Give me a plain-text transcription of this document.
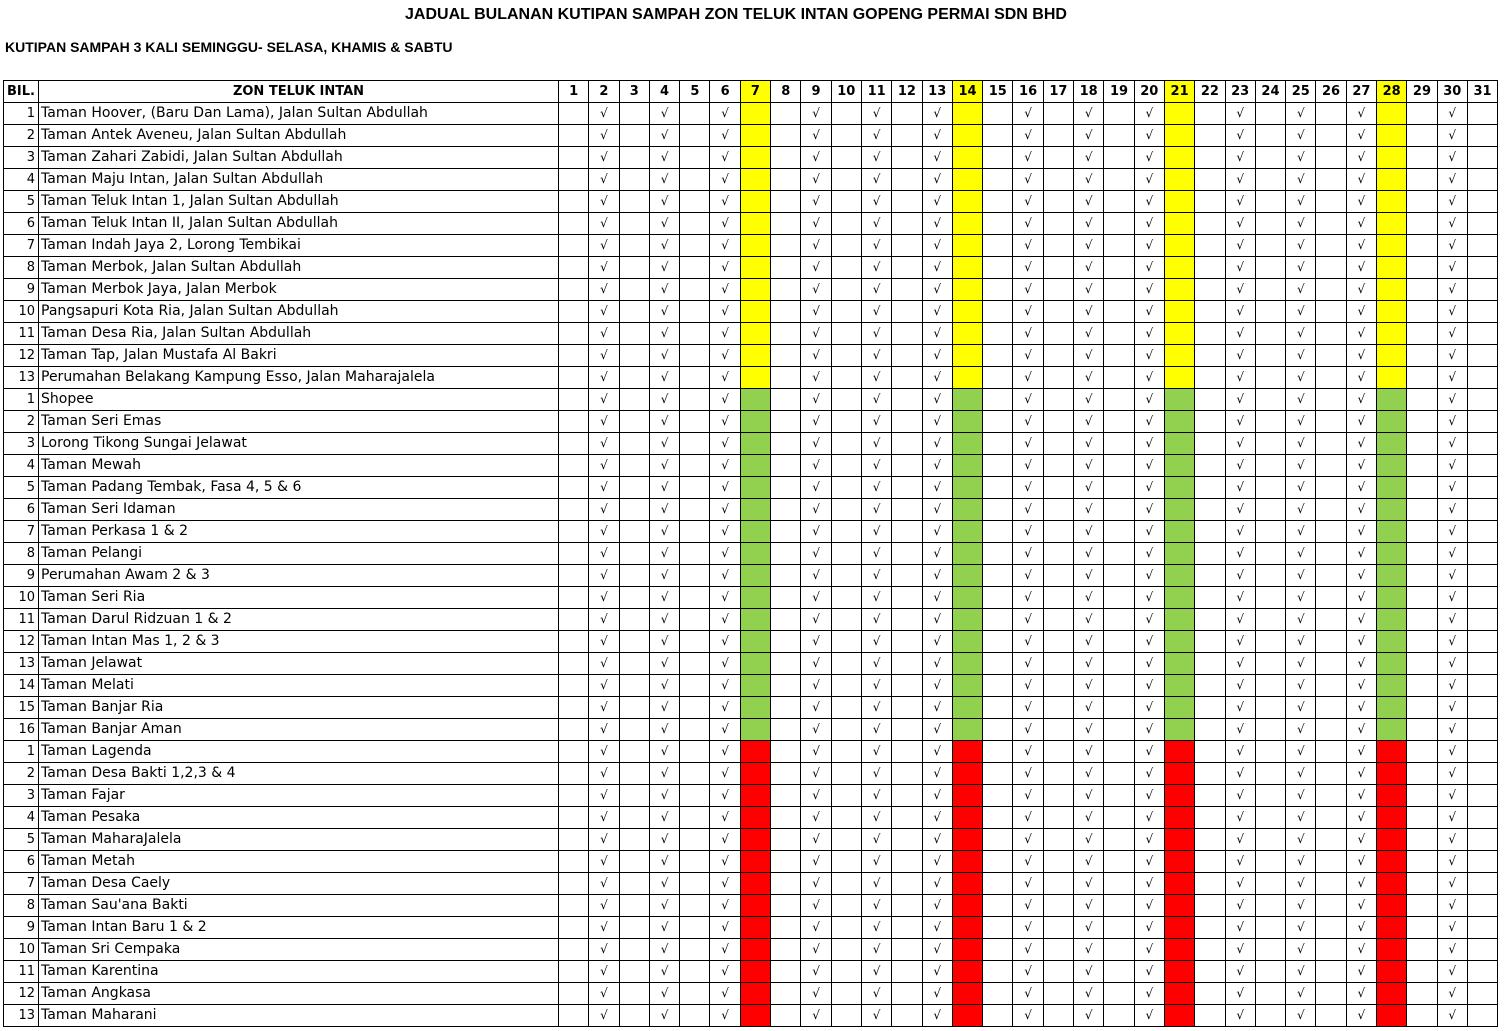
JADUAL BULANAN KUTIPAN SAMPAH ZON TELUK INTAN GOPENG PERMAI SDN BHD
KUTIPAN SAMPAH 3 KALI SEMINGGU- SELASA, KHAMIS & SABTU
BIL.	ZON TELUK INTAN	1	2	3	4	5	6	7	8	9	10	11	12	13	14	15	16	17	18	19	20	21	22	23	24	25	26	27	28	29	30	31
1	Taman Hoover, (Baru Dan Lama), Jalan Sultan Abdullah		√		√		√			√		√		√			√		√		√			√		√		√			√	
2	Taman Antek Aveneu, Jalan Sultan Abdullah		√		√		√			√		√		√			√		√		√			√		√		√			√	
3	Taman Zahari Zabidi, Jalan Sultan Abdullah		√		√		√			√		√		√			√		√		√			√		√		√			√	
4	Taman Maju Intan, Jalan Sultan Abdullah		√		√		√			√		√		√			√		√		√			√		√		√			√	
5	Taman Teluk Intan 1, Jalan Sultan Abdullah		√		√		√			√		√		√			√		√		√			√		√		√			√	
6	Taman Teluk Intan II, Jalan Sultan Abdullah		√		√		√			√		√		√			√		√		√			√		√		√			√	
7	Taman Indah Jaya 2, Lorong Tembikai		√		√		√			√		√		√			√		√		√			√		√		√			√	
8	Taman Merbok, Jalan Sultan Abdullah		√		√		√			√		√		√			√		√		√			√		√		√			√	
9	Taman Merbok Jaya, Jalan Merbok		√		√		√			√		√		√			√		√		√			√		√		√			√	
10	Pangsapuri Kota Ria, Jalan Sultan Abdullah		√		√		√			√		√		√			√		√		√			√		√		√			√	
11	Taman Desa Ria, Jalan Sultan Abdullah		√		√		√			√		√		√			√		√		√			√		√		√			√	
12	Taman Tap, Jalan Mustafa Al Bakri		√		√		√			√		√		√			√		√		√			√		√		√			√	
13	Perumahan Belakang Kampung Esso, Jalan Maharajalela		√		√		√			√		√		√			√		√		√			√		√		√			√	
1	Shopee		√		√		√			√		√		√			√		√		√			√		√		√			√	
2	Taman Seri Emas		√		√		√			√		√		√			√		√		√			√		√		√			√	
3	Lorong Tikong Sungai Jelawat		√		√		√			√		√		√			√		√		√			√		√		√			√	
4	Taman Mewah		√		√		√			√		√		√			√		√		√			√		√		√			√	
5	Taman Padang Tembak, Fasa 4, 5 & 6		√		√		√			√		√		√			√		√		√			√		√		√			√	
6	Taman Seri Idaman		√		√		√			√		√		√			√		√		√			√		√		√			√	
7	Taman Perkasa 1 & 2		√		√		√			√		√		√			√		√		√			√		√		√			√	
8	Taman Pelangi		√		√		√			√		√		√			√		√		√			√		√		√			√	
9	Perumahan Awam 2 & 3		√		√		√			√		√		√			√		√		√			√		√		√			√	
10	Taman Seri Ria		√		√		√			√		√		√			√		√		√			√		√		√			√	
11	Taman Darul Ridzuan 1 & 2		√		√		√			√		√		√			√		√		√			√		√		√			√	
12	Taman Intan Mas 1, 2 & 3		√		√		√			√		√		√			√		√		√			√		√		√			√	
13	Taman Jelawat		√		√		√			√		√		√			√		√		√			√		√		√			√	
14	Taman Melati		√		√		√			√		√		√			√		√		√			√		√		√			√	
15	Taman Banjar Ria		√		√		√			√		√		√			√		√		√			√		√		√			√	
16	Taman Banjar Aman		√		√		√			√		√		√			√		√		√			√		√		√			√	
1	Taman Lagenda		√		√		√			√		√		√			√		√		√			√		√		√			√	
2	Taman Desa Bakti 1,2,3 & 4		√		√		√			√		√		√			√		√		√			√		√		√			√	
3	Taman Fajar		√		√		√			√		√		√			√		√		√			√		√		√			√	
4	Taman Pesaka		√		√		√			√		√		√			√		√		√			√		√		√			√	
5	Taman MaharaJalela		√		√		√			√		√		√			√		√		√			√		√		√			√	
6	Taman Metah		√		√		√			√		√		√			√		√		√			√		√		√			√	
7	Taman Desa Caely		√		√		√			√		√		√			√		√		√			√		√		√			√	
8	Taman Sau'ana Bakti		√		√		√			√		√		√			√		√		√			√		√		√			√	
9	Taman Intan Baru 1 & 2		√		√		√			√		√		√			√		√		√			√		√		√			√	
10	Taman Sri Cempaka		√		√		√			√		√		√			√		√		√			√		√		√			√	
11	Taman Karentina		√		√		√			√		√		√			√		√		√			√		√		√			√	
12	Taman Angkasa		√		√		√			√		√		√			√		√		√			√		√		√			√	
13	Taman Maharani		√		√		√			√		√		√			√		√		√			√		√		√			√	
